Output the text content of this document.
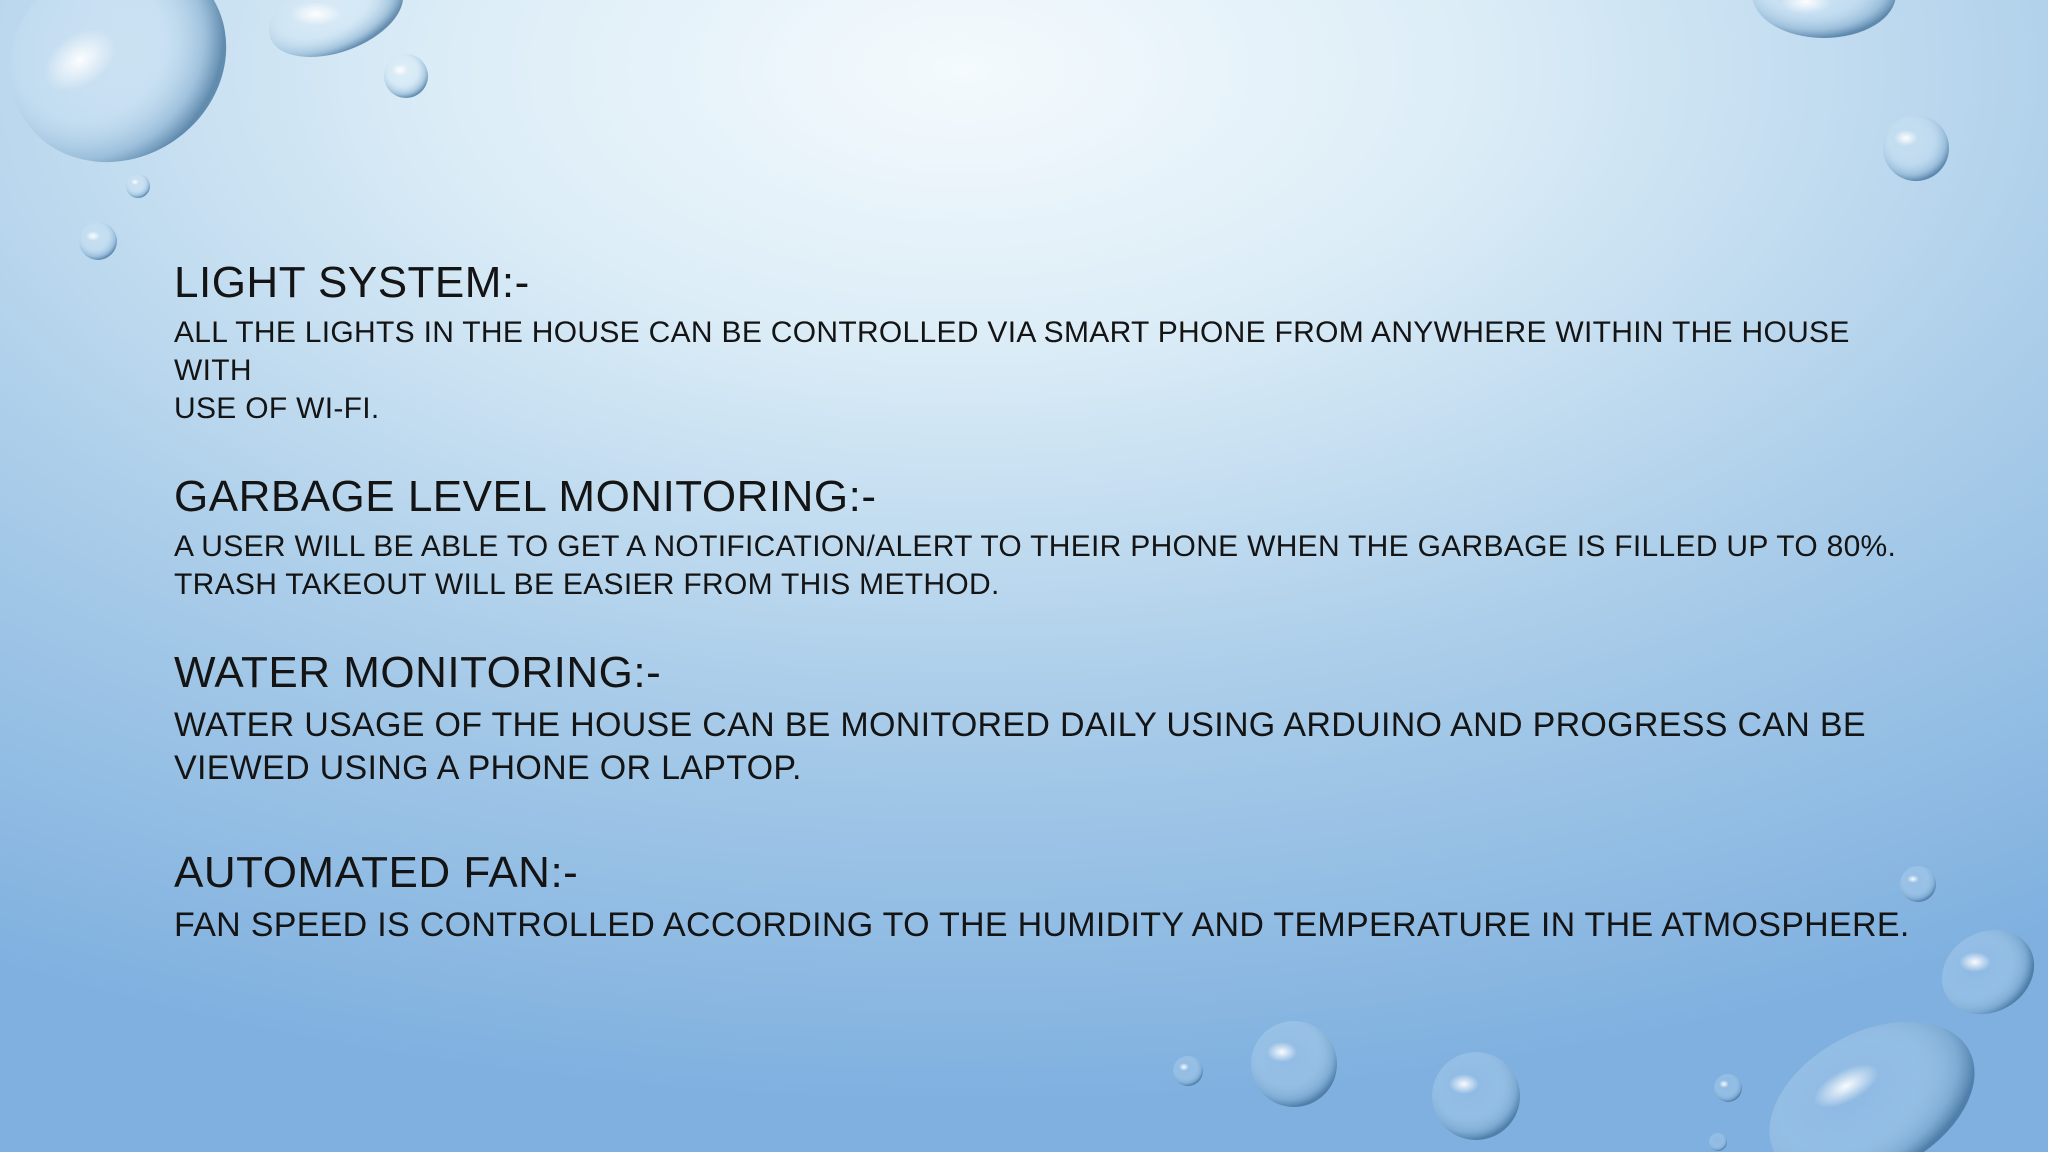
LIGHT SYSTEM:-

ALL THE LIGHTS IN THE HOUSE CAN BE CONTROLLED VIA SMART PHONE FROM ANYWHERE WITHIN THE HOUSE WITH
USE OF WI-FI.

GARBAGE LEVEL MONITORING:-

A USER WILL BE ABLE TO GET A NOTIFICATION/ALERT TO THEIR PHONE WHEN THE GARBAGE IS FILLED UP TO 80%.
TRASH TAKEOUT WILL BE EASIER FROM THIS METHOD.

WATER MONITORING:-

WATER USAGE OF THE HOUSE CAN BE MONITORED DAILY USING ARDUINO AND PROGRESS CAN BE
VIEWED USING A PHONE OR LAPTOP.

AUTOMATED FAN:-

FAN SPEED IS CONTROLLED ACCORDING TO THE HUMIDITY AND TEMPERATURE IN THE ATMOSPHERE.
